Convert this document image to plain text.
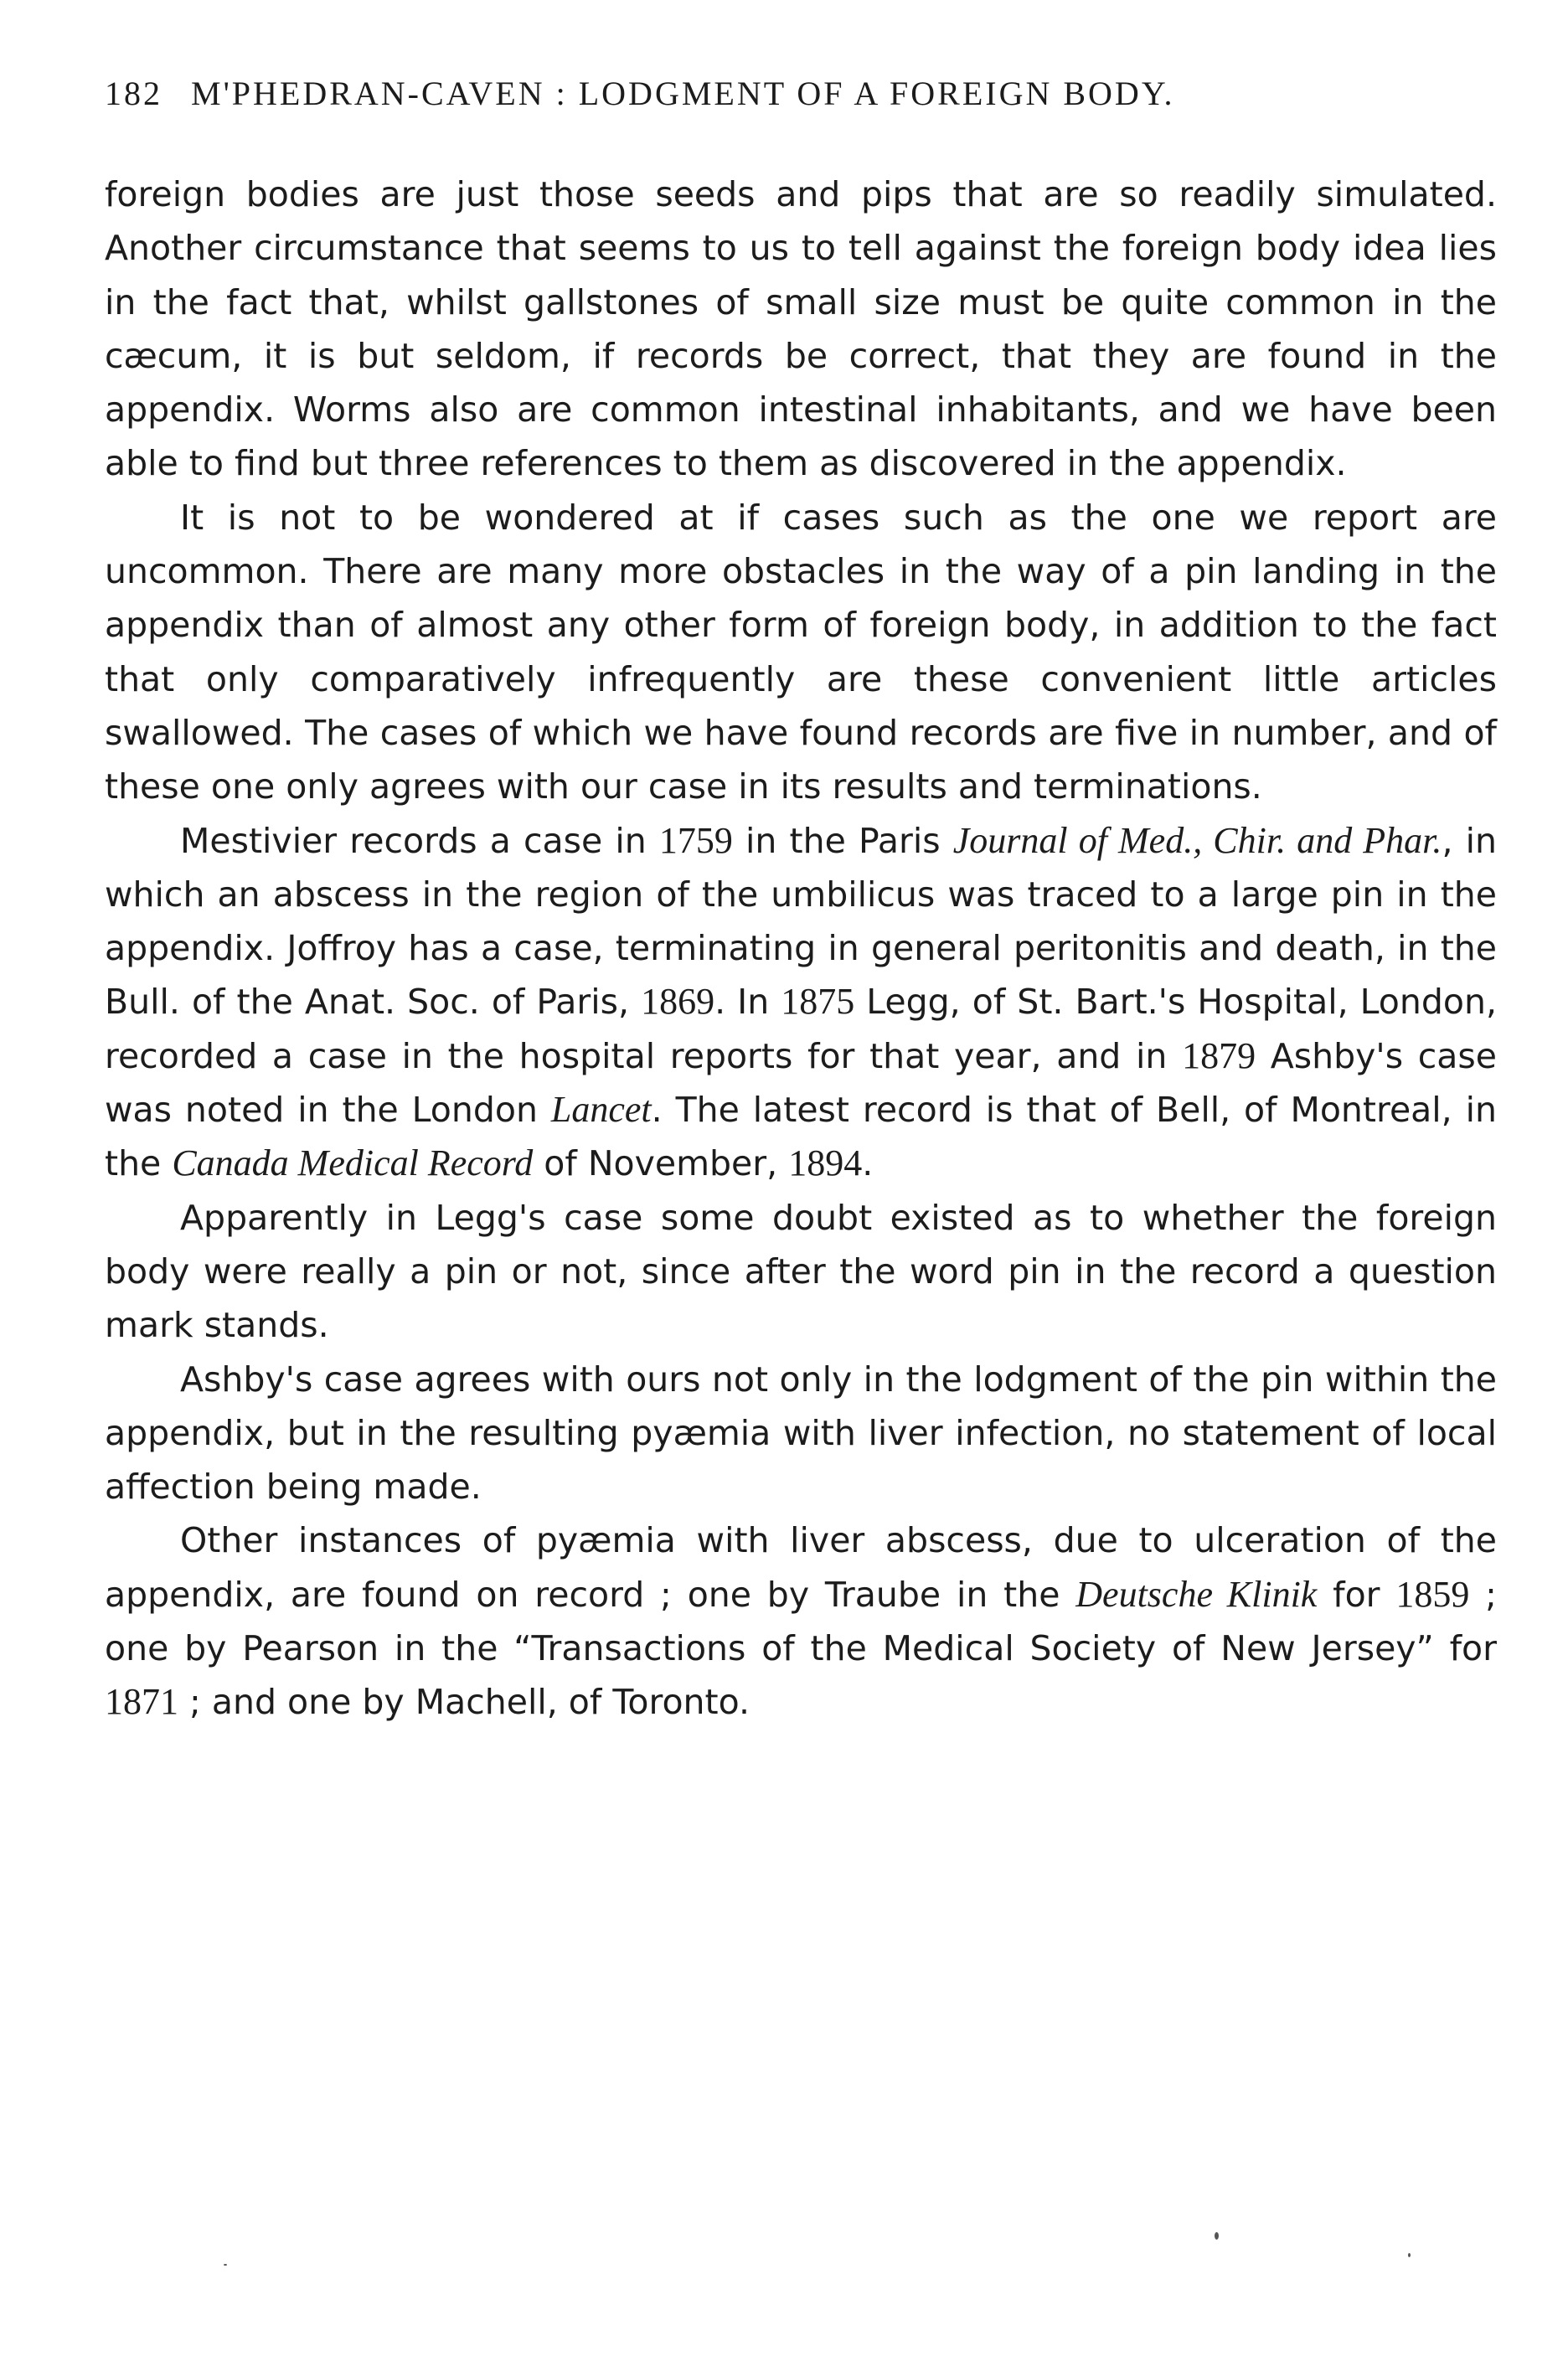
182 M'PHEDRAN-CAVEN : LODGMENT OF A FOREIGN BODY.

foreign bodies are just those seeds and pips that are so readily simulated. Another circumstance that seems to us to tell against the foreign body idea lies in the fact that, whilst gallstones of small size must be quite common in the cæcum, it is but seldom, if records be correct, that they are found in the appendix. Worms also are common intestinal inhabitants, and we have been able to find but three references to them as discovered in the appendix.

It is not to be wondered at if cases such as the one we report are uncommon. There are many more obstacles in the way of a pin landing in the appendix than of almost any other form of foreign body, in addition to the fact that only comparatively infrequently are these convenient little articles swallowed. The cases of which we have found records are five in number, and of these one only agrees with our case in its results and terminations.

Mestivier records a case in 1759 in the Paris Journal of Med., Chir. and Phar., in which an abscess in the region of the umbilicus was traced to a large pin in the appendix. Joffroy has a case, terminating in general peritonitis and death, in the Bull. of the Anat. Soc. of Paris, 1869. In 1875 Legg, of St. Bart.'s Hospital, London, recorded a case in the hospital reports for that year, and in 1879 Ashby's case was noted in the London Lancet. The latest record is that of Bell, of Montreal, in the Canada Medical Record of November, 1894.

Apparently in Legg's case some doubt existed as to whether the foreign body were really a pin or not, since after the word pin in the record a question mark stands.

Ashby's case agrees with ours not only in the lodgment of the pin within the appendix, but in the resulting pyæmia with liver infection, no statement of local affection being made.

Other instances of pyæmia with liver abscess, due to ulceration of the appendix, are found on record ; one by Traube in the Deutsche Klinik for 1859 ; one by Pearson in the “Transactions of the Medical Society of New Jersey” for 1871 ; and one by Machell, of Toronto.
